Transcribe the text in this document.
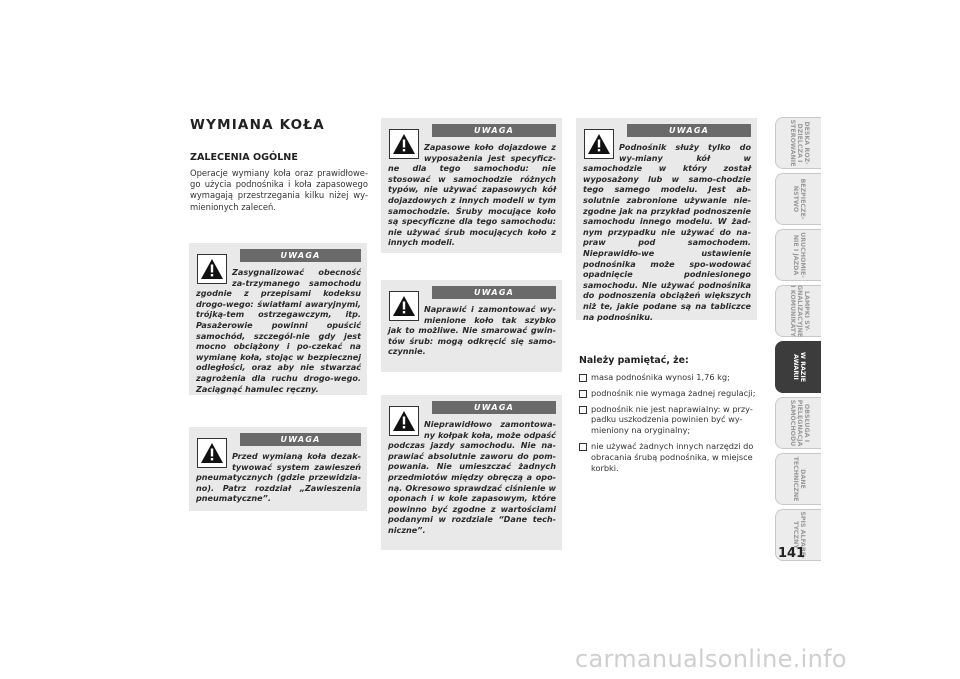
WYMIANA KOŁA
ZALECENIA OGÓLNE
Operacje wymiany koła oraz prawidłowe-go użycia podnośnika i koła zapasowego wymagają przestrzegania kilku niżej wy-mienionych zaleceń.
UWAGA
Zasygnalizować obecność za-trzymanego samochodu zgodnie z przepisami kodeksu drogo-wego: światłami awaryjnymi, trójką-tem ostrzegawczym, itp. Pasażerowie powinni opuścić samochód, szczegól-nie gdy jest mocno obciążony i po-czekać na wymianę koła, stojąc w bezpiecznej odległości, oraz aby nie stwarzać zagrożenia dla ruchu drogo-wego. Zaciągnąć hamulec ręczny.
UWAGA
Przed wymianą koła dezak-tywować system zawieszeń pneumatycznych (gdzie przewidzia-no). Patrz rozdział „Zawieszenia pneumatyczne”.
UWAGA
Zapasowe koło dojazdowe z wyposażenia jest specyficz-ne dla tego samochodu: nie stosować w samochodzie różnych typów, nie używać zapasowych kół dojazdowych z innych modeli w tym samochodzie. Śruby mocujące koło są specyficzne dla tego samochodu: nie używać śrub mocujących koło z innych modeli.
UWAGA
Naprawić i zamontować wy-mienione koło tak szybko jak to możliwe. Nie smarować gwin-tów śrub: mogą odkręcić się samo-czynnie.
UWAGA
Nieprawidłowo zamontowa-ny kołpak koła, może odpaść podczas jazdy samochodu. Nie na-prawiać absolutnie zaworu do pom-powania. Nie umieszczać żadnych przedmiotów między obręczą a opo-ną. Okresowo sprawdzać ciśnienie w oponach i w kole zapasowym, które powinno być zgodne z wartościami podanymi w rozdziale “Dane tech-niczne”.
UWAGA
Podnośnik służy tylko do wy-miany kół w samochodzie w który został wyposażony lub w samo-chodzie tego samego modelu. Jest ab-solutnie zabronione używanie nie-zgodne jak na przykład podnoszenie samochodu innego modelu. W żad-nym przypadku nie używać do na-praw pod samochodem. Nieprawidło-we ustawienie podnośnika może spo-wodować opadnięcie podniesionego samochodu. Nie używać podnośnika do podnoszenia obciążeń większych niż te, jakie podane są na tabliczce na podnośniku.
Należy pamiętać, że:
masa podnośnika wynosi 1,76 kg;
podnośnik nie wymaga żadnej regulacji;
podnośnik nie jest naprawialny: w przy-padku uszkodzenia powinien być wy-mieniony na oryginalny;
nie używać żadnych innych narzędzi do obracania śrubą podnośnika, w miejsce korbki.
DESKA ROZ-
DZIELCZA I
STEROWANIE
BEZPIECZE-
ŃSTWO
URUCHOMIE-
NIE I JAZDA
LAMPKI SY-
GNALIZACYJNE
I KOMUNIKATY
W RAZIE
AWARII
OBSŁUGA I
PIELĘGNACJA
SAMOCHODU
DANE
TECHNICZNE
SPIS ALFABE-
TYCZNY
141
carmanualsonline.info
